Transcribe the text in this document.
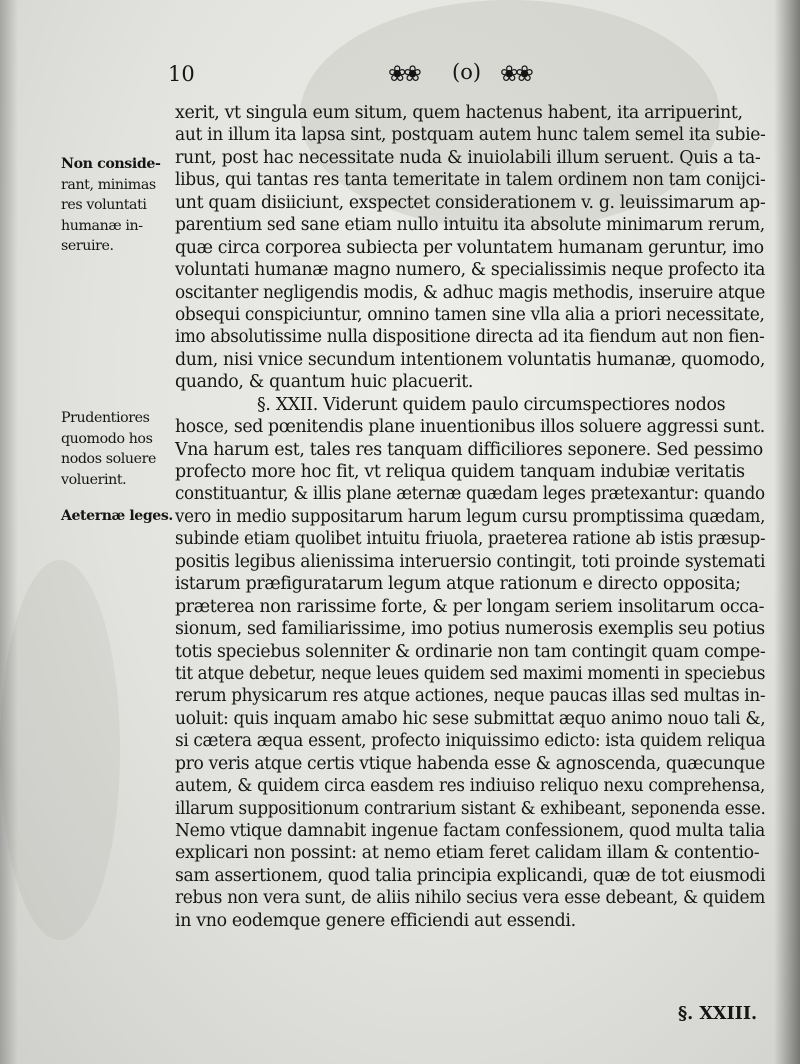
10	❀❀ (o) ❀❀
Non conside-
rant, minimas
res voluntati
humanæ in-
seruire.
Prudentiores
quomodo hos
nodos soluere
voluerint.
Aeternæ leges.
xerit, vt singula eum situm, quem hactenus habent, ita arripuerint,
aut in illum ita lapsa sint, postquam autem hunc talem semel ita subie-
runt, post hac necessitate nuda & inuiolabili illum seruent. Quis a ta-
libus, qui tantas res tanta temeritate in talem ordinem non tam conijci-
unt quam disiiciunt, exspectet considerationem v. g. leuissimarum ap-
parentium sed sane etiam nullo intuitu ita absolute minimarum rerum,
quæ circa corporea subiecta per voluntatem humanam geruntur, imo
voluntati humanæ magno numero, & specialissimis neque profecto ita
oscitanter negligendis modis, & adhuc magis methodis, inseruire atque
obsequi conspiciuntur, omnino tamen sine vlla alia a priori necessitate,
imo absolutissime nulla dispositione directa ad ita fiendum aut non fien-
dum, nisi vnice secundum intentionem voluntatis humanæ, quomodo,
quando, & quantum huic placuerit.
§. XXII. Viderunt quidem paulo circumspectiores nodos
hosce, sed pœnitendis plane inuentionibus illos soluere aggressi sunt.
Vna harum est, tales res tanquam difficiliores seponere. Sed pessimo
profecto more hoc fit, vt reliqua quidem tanquam indubiæ veritatis
constituantur, & illis plane æternæ quædam leges prætexantur: quando
vero in medio suppositarum harum legum cursu promptissima quædam,
subinde etiam quolibet intuitu friuola, praeterea ratione ab istis præsup-
positis legibus alienissima interuersio contingit, toti proinde systemati
istarum præfiguratarum legum atque rationum e directo opposita;
præterea non rarissime forte, & per longam seriem insolitarum occa-
sionum, sed familiarissime, imo potius numerosis exemplis seu potius
totis speciebus solenniter & ordinarie non tam contingit quam compe-
tit atque debetur, neque leues quidem sed maximi momenti in speciebus
rerum physicarum res atque actiones, neque paucas illas sed multas in-
uoluit: quis inquam amabo hic sese submittat æquo animo nouo tali &,
si cætera æqua essent, profecto iniquissimo edicto: ista quidem reliqua
pro veris atque certis vtique habenda esse & agnoscenda, quæcunque
autem, & quidem circa easdem res indiuiso reliquo nexu comprehensa,
illarum suppositionum contrarium sistant & exhibeant, seponenda esse.
Nemo vtique damnabit ingenue factam confessionem, quod multa talia
explicari non possint: at nemo etiam feret calidam illam & contentio-
sam assertionem, quod talia principia explicandi, quæ de tot eiusmodi
rebus non vera sunt, de aliis nihilo secius vera esse debeant, & quidem
in vno eodemque genere efficiendi aut essendi.
§. XXIII.
